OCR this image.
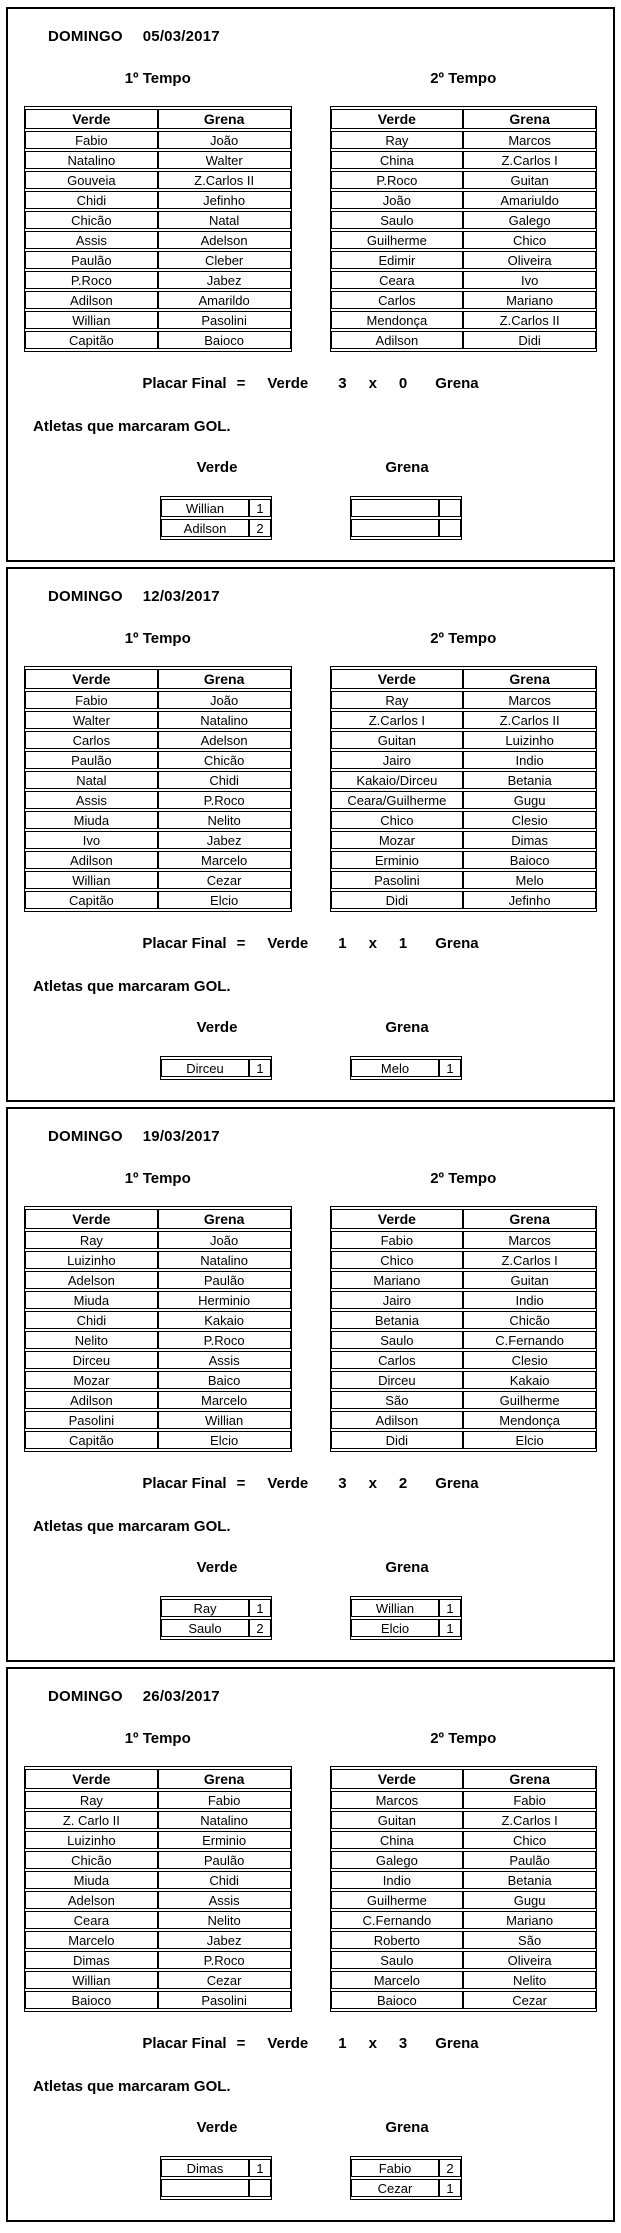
DOMINGO 05/03/2017
1º Tempo
Verde	Grena
Fabio	João
Natalino	Walter
Gouveia	Z.Carlos II
Chidi	Jefinho
Chicão	Natal
Assis	Adelson
Paulão	Cleber
P.Roco	Jabez
Adilson	Amarildo
Willian	Pasolini
Capitão	Baioco
2º Tempo
Verde	Grena
Ray	Marcos
China	Z.Carlos I
P.Roco	Guitan
João	Amariuldo
Saulo	Galego
Guilherme	Chico
Edimir	Oliveira
Ceara	Ivo
Carlos	Mariano
Mendonça	Z.Carlos II
Adilson	Didi
Placar Final = Verde 3 x 0 Grena
Atletas que marcaram GOL.
Verde
Willian	1
Adilson	2
Grena

DOMINGO 12/03/2017
1º Tempo
Verde	Grena
Fabio	João
Walter	Natalino
Carlos	Adelson
Paulão	Chicão
Natal	Chidi
Assis	P.Roco
Miuda	Nelito
Ivo	Jabez
Adilson	Marcelo
Willian	Cezar
Capitão	Elcio
2º Tempo
Verde	Grena
Ray	Marcos
Z.Carlos I	Z.Carlos II
Guitan	Luizinho
Jairo	Indio
Kakaio/Dirceu	Betania
Ceara/Guilherme	Gugu
Chico	Clesio
Mozar	Dimas
Erminio	Baioco
Pasolini	Melo
Didi	Jefinho
Placar Final = Verde 1 x 1 Grena
Atletas que marcaram GOL.
Verde
Dirceu	1
Grena
Melo	1
DOMINGO 19/03/2017
1º Tempo
Verde	Grena
Ray	João
Luizinho	Natalino
Adelson	Paulão
Miuda	Herminio
Chidi	Kakaio
Nelito	P.Roco
Dirceu	Assis
Mozar	Baico
Adilson	Marcelo
Pasolini	Willian
Capitão	Elcio
2º Tempo
Verde	Grena
Fabio	Marcos
Chico	Z.Carlos I
Mariano	Guitan
Jairo	Indio
Betania	Chicão
Saulo	C.Fernando
Carlos	Clesio
Dirceu	Kakaio
São	Guilherme
Adilson	Mendonça
Didi	Elcio
Placar Final = Verde 3 x 2 Grena
Atletas que marcaram GOL.
Verde
Ray	1
Saulo	2
Grena
Willian	1
Elcio	1
DOMINGO 26/03/2017
1º Tempo
Verde	Grena
Ray	Fabio
Z. Carlo II	Natalino
Luizinho	Erminio
Chicão	Paulão
Miuda	Chidi
Adelson	Assis
Ceara	Nelito
Marcelo	Jabez
Dimas	P.Roco
Willian	Cezar
Baioco	Pasolini
2º Tempo
Verde	Grena
Marcos	Fabio
Guitan	Z.Carlos I
China	Chico
Galego	Paulão
Indio	Betania
Guilherme	Gugu
C.Fernando	Mariano
Roberto	São
Saulo	Oliveira
Marcelo	Nelito
Baioco	Cezar
Placar Final = Verde 1 x 3 Grena
Atletas que marcaram GOL.
Verde
Dimas	1

Grena
Fabio	2
Cezar	1
